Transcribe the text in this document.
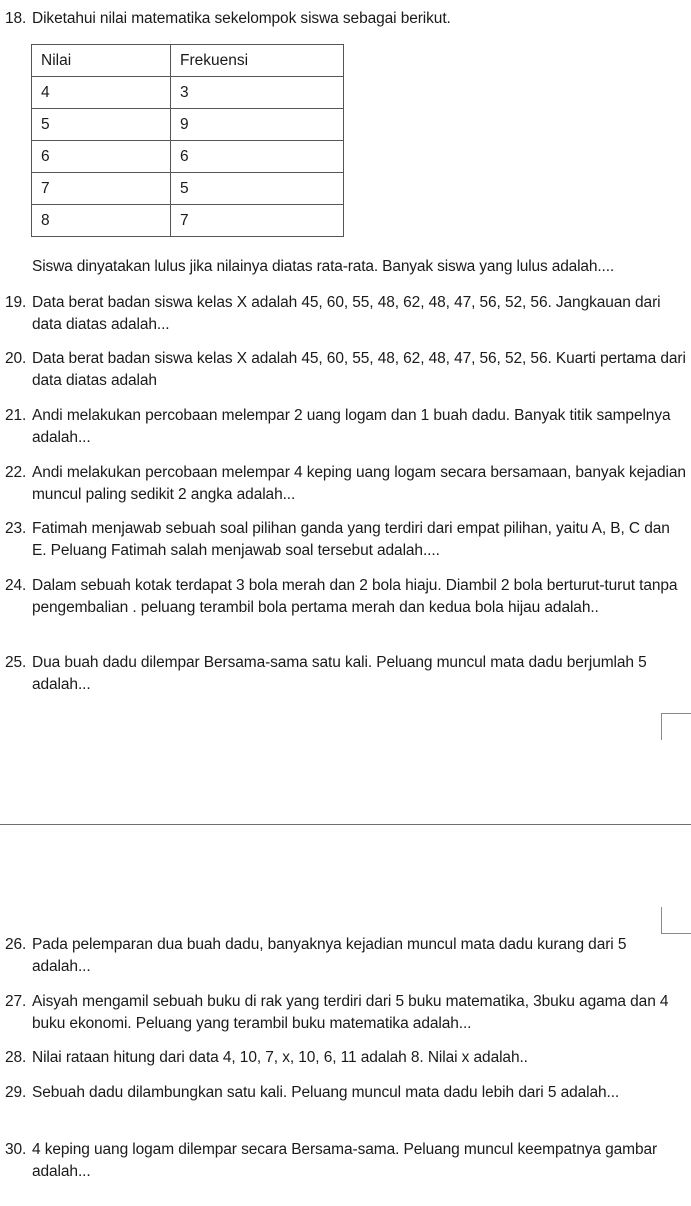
18. Diketahui nilai matematika sekelompok siswa sebagai berikut.
Nilai	Frekuensi
4	3
5	9
6	6
7	5
8	7
Siswa dinyatakan lulus jika nilainya diatas rata-rata. Banyak siswa yang lulus adalah....
19. Data berat badan siswa kelas X adalah 45, 60, 55, 48, 62, 48, 47, 56, 52, 56. Jangkauan dari data diatas adalah...
20. Data berat badan siswa kelas X adalah 45, 60, 55, 48, 62, 48, 47, 56, 52, 56. Kuarti pertama dari data diatas adalah
21. Andi melakukan percobaan melempar 2 uang logam dan 1 buah dadu. Banyak titik sampelnya adalah...
22. Andi melakukan percobaan melempar 4 keping uang logam secara bersamaan, banyak kejadian muncul paling sedikit 2 angka adalah...
23. Fatimah menjawab sebuah soal pilihan ganda yang terdiri dari empat pilihan, yaitu A, B, C dan E. Peluang Fatimah salah menjawab soal tersebut adalah....
24. Dalam sebuah kotak terdapat 3 bola merah dan 2 bola hiaju. Diambil 2 bola berturut-turut tanpa pengembalian . peluang terambil bola pertama merah dan kedua bola hijau adalah..
25. Dua buah dadu dilempar Bersama-sama satu kali. Peluang muncul mata dadu berjumlah 5 adalah...
26. Pada pelemparan dua buah dadu, banyaknya kejadian muncul mata dadu kurang dari 5 adalah...
27. Aisyah mengamil sebuah buku di rak yang terdiri dari 5 buku matematika, 3buku agama dan 4 buku ekonomi. Peluang yang terambil buku matematika adalah...
28. Nilai rataan hitung dari data 4, 10, 7, x, 10, 6, 11 adalah 8. Nilai x adalah..
29. Sebuah dadu dilambungkan satu kali. Peluang muncul mata dadu lebih dari 5 adalah...
30. 4 keping uang logam dilempar secara Bersama-sama. Peluang muncul keempatnya gambar adalah...
